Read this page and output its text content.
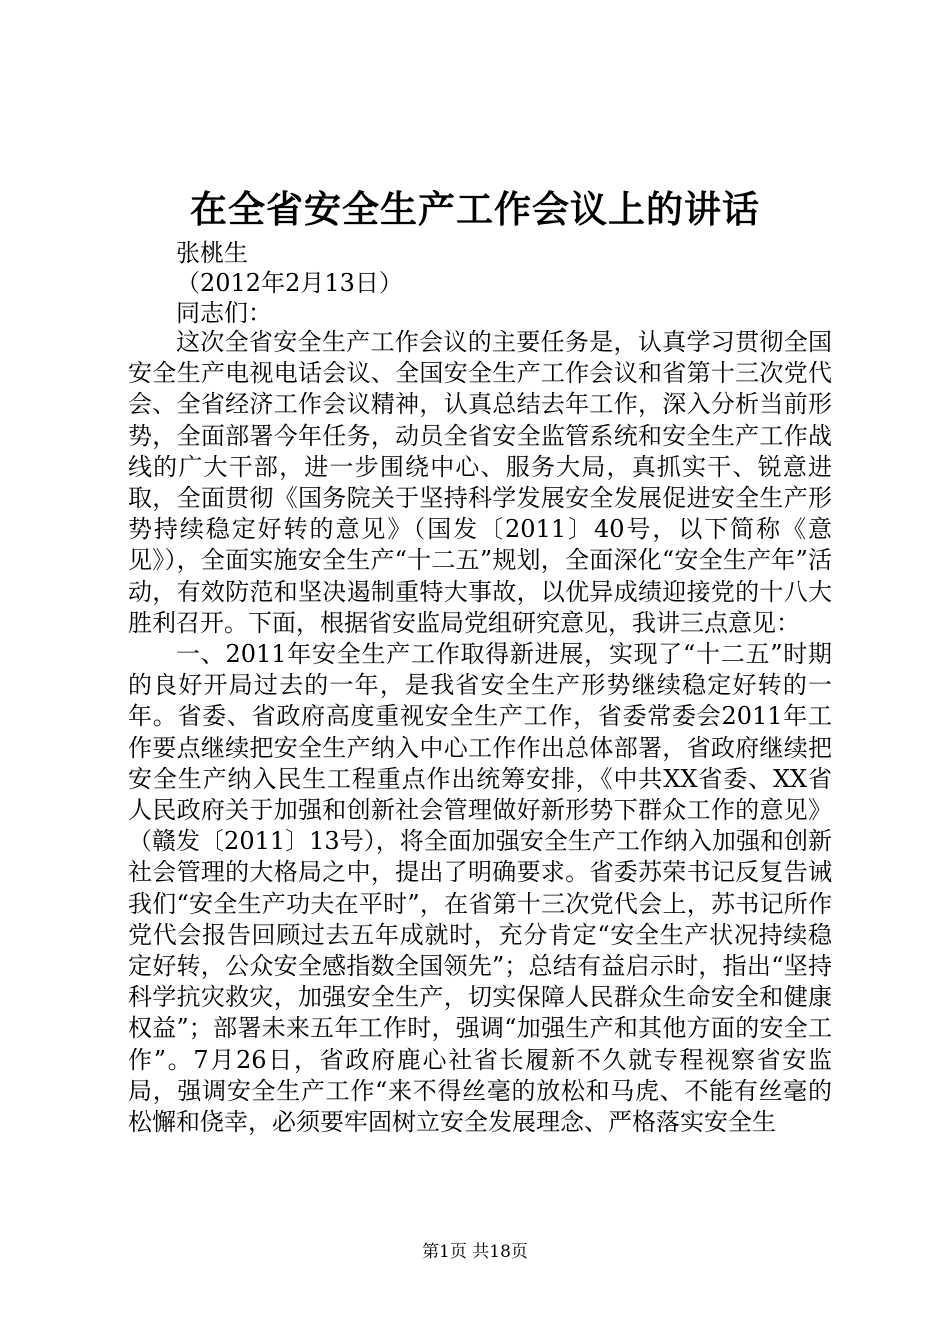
在全省安全生产工作会议上的讲话
张桃生
（2012年2月13日）
同志们：

这次全省安全生产工作会议的主要任务是，认真学习贯彻全国安全生产电视电话会议、全国安全生产工作会议和省第十三次党代会、全省经济工作会议精神，认真总结去年工作，深入分析当前形势，全面部署今年任务，动员全省安全监管系统和安全生产工作战线的广大干部，进一步围绕中心、服务大局，真抓实干、锐意进取，全面贯彻《国务院关于坚持科学发展安全发展促进安全生产形势持续稳定好转的意见》（国发〔2011〕40号，以下简称《意见》），全面实施安全生产“十二五”规划，全面深化“安全生产年”活动，有效防范和坚决遏制重特大事故，以优异成绩迎接党的十八大胜利召开。下面，根据省安监局党组研究意见，我讲三点意见：

一、2011年安全生产工作取得新进展，实现了“十二五”时期的良好开局过去的一年，是我省安全生产形势继续稳定好转的一年。省委、省政府高度重视安全生产工作，省委常委会2011年工作要点继续把安全生产纳入中心工作作出总体部署，省政府继续把安全生产纳入民生工程重点作出统筹安排，《中共XX省委、XX省人民政府关于加强和创新社会管理做好新形势下群众工作的意见》（赣发〔2011〕13号），将全面加强安全生产工作纳入加强和创新社会管理的大格局之中，提出了明确要求。省委苏荣书记反复告诫我们“安全生产功夫在平时”，在省第十三次党代会上，苏书记所作党代会报告回顾过去五年成就时，充分肯定“安全生产状况持续稳定好转，公众安全感指数全国领先”；总结有益启示时，指出“坚持科学抗灾救灾，加强安全生产，切实保障人民群众生命安全和健康权益”；部署未来五年工作时，强调“加强生产和其他方面的安全工作”。7月26日，省政府鹿心社省长履新不久就专程视察省安监局，强调安全生产工作“来不得丝毫的放松和马虎、不能有丝毫的松懈和侥幸，必须要牢固树立安全发展理念、严格落实安全生

第1页 共18页
